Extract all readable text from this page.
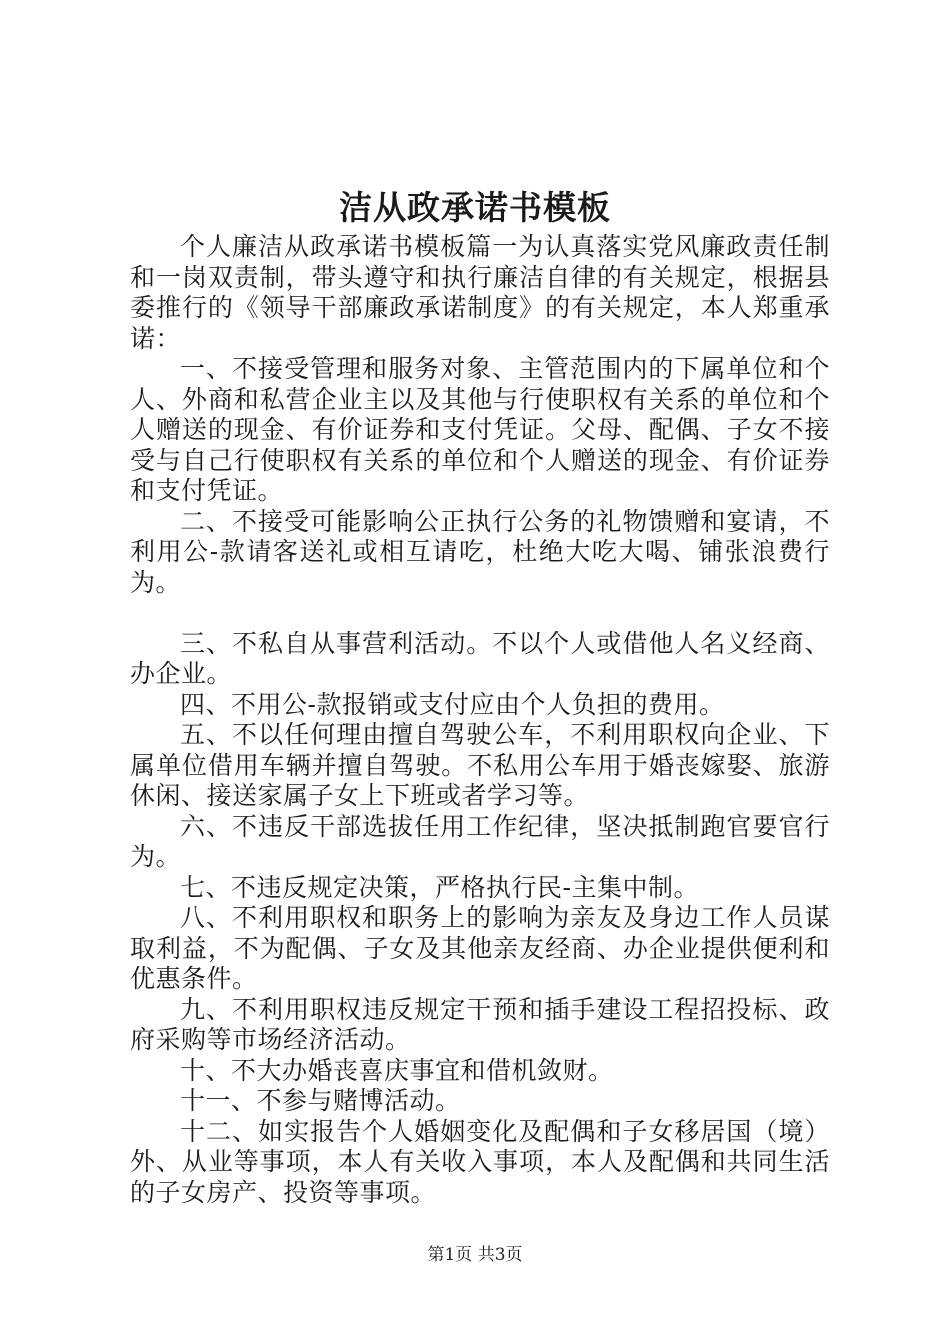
洁从政承诺书模板

个人廉洁从政承诺书模板篇一为认真落实党风廉政责任制和一岗双责制，带头遵守和执行廉洁自律的有关规定，根据县委推行的《领导干部廉政承诺制度》的有关规定，本人郑重承诺：

一、不接受管理和服务对象、主管范围内的下属单位和个人、外商和私营企业主以及其他与行使职权有关系的单位和个人赠送的现金、有价证券和支付凭证。父母、配偶、子女不接受与自己行使职权有关系的单位和个人赠送的现金、有价证券和支付凭证。

二、不接受可能影响公正执行公务的礼物馈赠和宴请，不利用公-款请客送礼或相互请吃，杜绝大吃大喝、铺张浪费行为。

三、不私自从事营利活动。不以个人或借他人名义经商、办企业。

四、不用公-款报销或支付应由个人负担的费用。

五、不以任何理由擅自驾驶公车，不利用职权向企业、下属单位借用车辆并擅自驾驶。不私用公车用于婚丧嫁娶、旅游休闲、接送家属子女上下班或者学习等。

六、不违反干部选拔任用工作纪律，坚决抵制跑官要官行为。

七、不违反规定决策，严格执行民-主集中制。

八、不利用职权和职务上的影响为亲友及身边工作人员谋取利益，不为配偶、子女及其他亲友经商、办企业提供便利和优惠条件。

九、不利用职权违反规定干预和插手建设工程招投标、政府采购等市场经济活动。

十、不大办婚丧喜庆事宜和借机敛财。

十一、不参与赌博活动。

十二、如实报告个人婚姻变化及配偶和子女移居国（境）外、从业等事项，本人有关收入事项，本人及配偶和共同生活的子女房产、投资等事项。

第1页 共3页
